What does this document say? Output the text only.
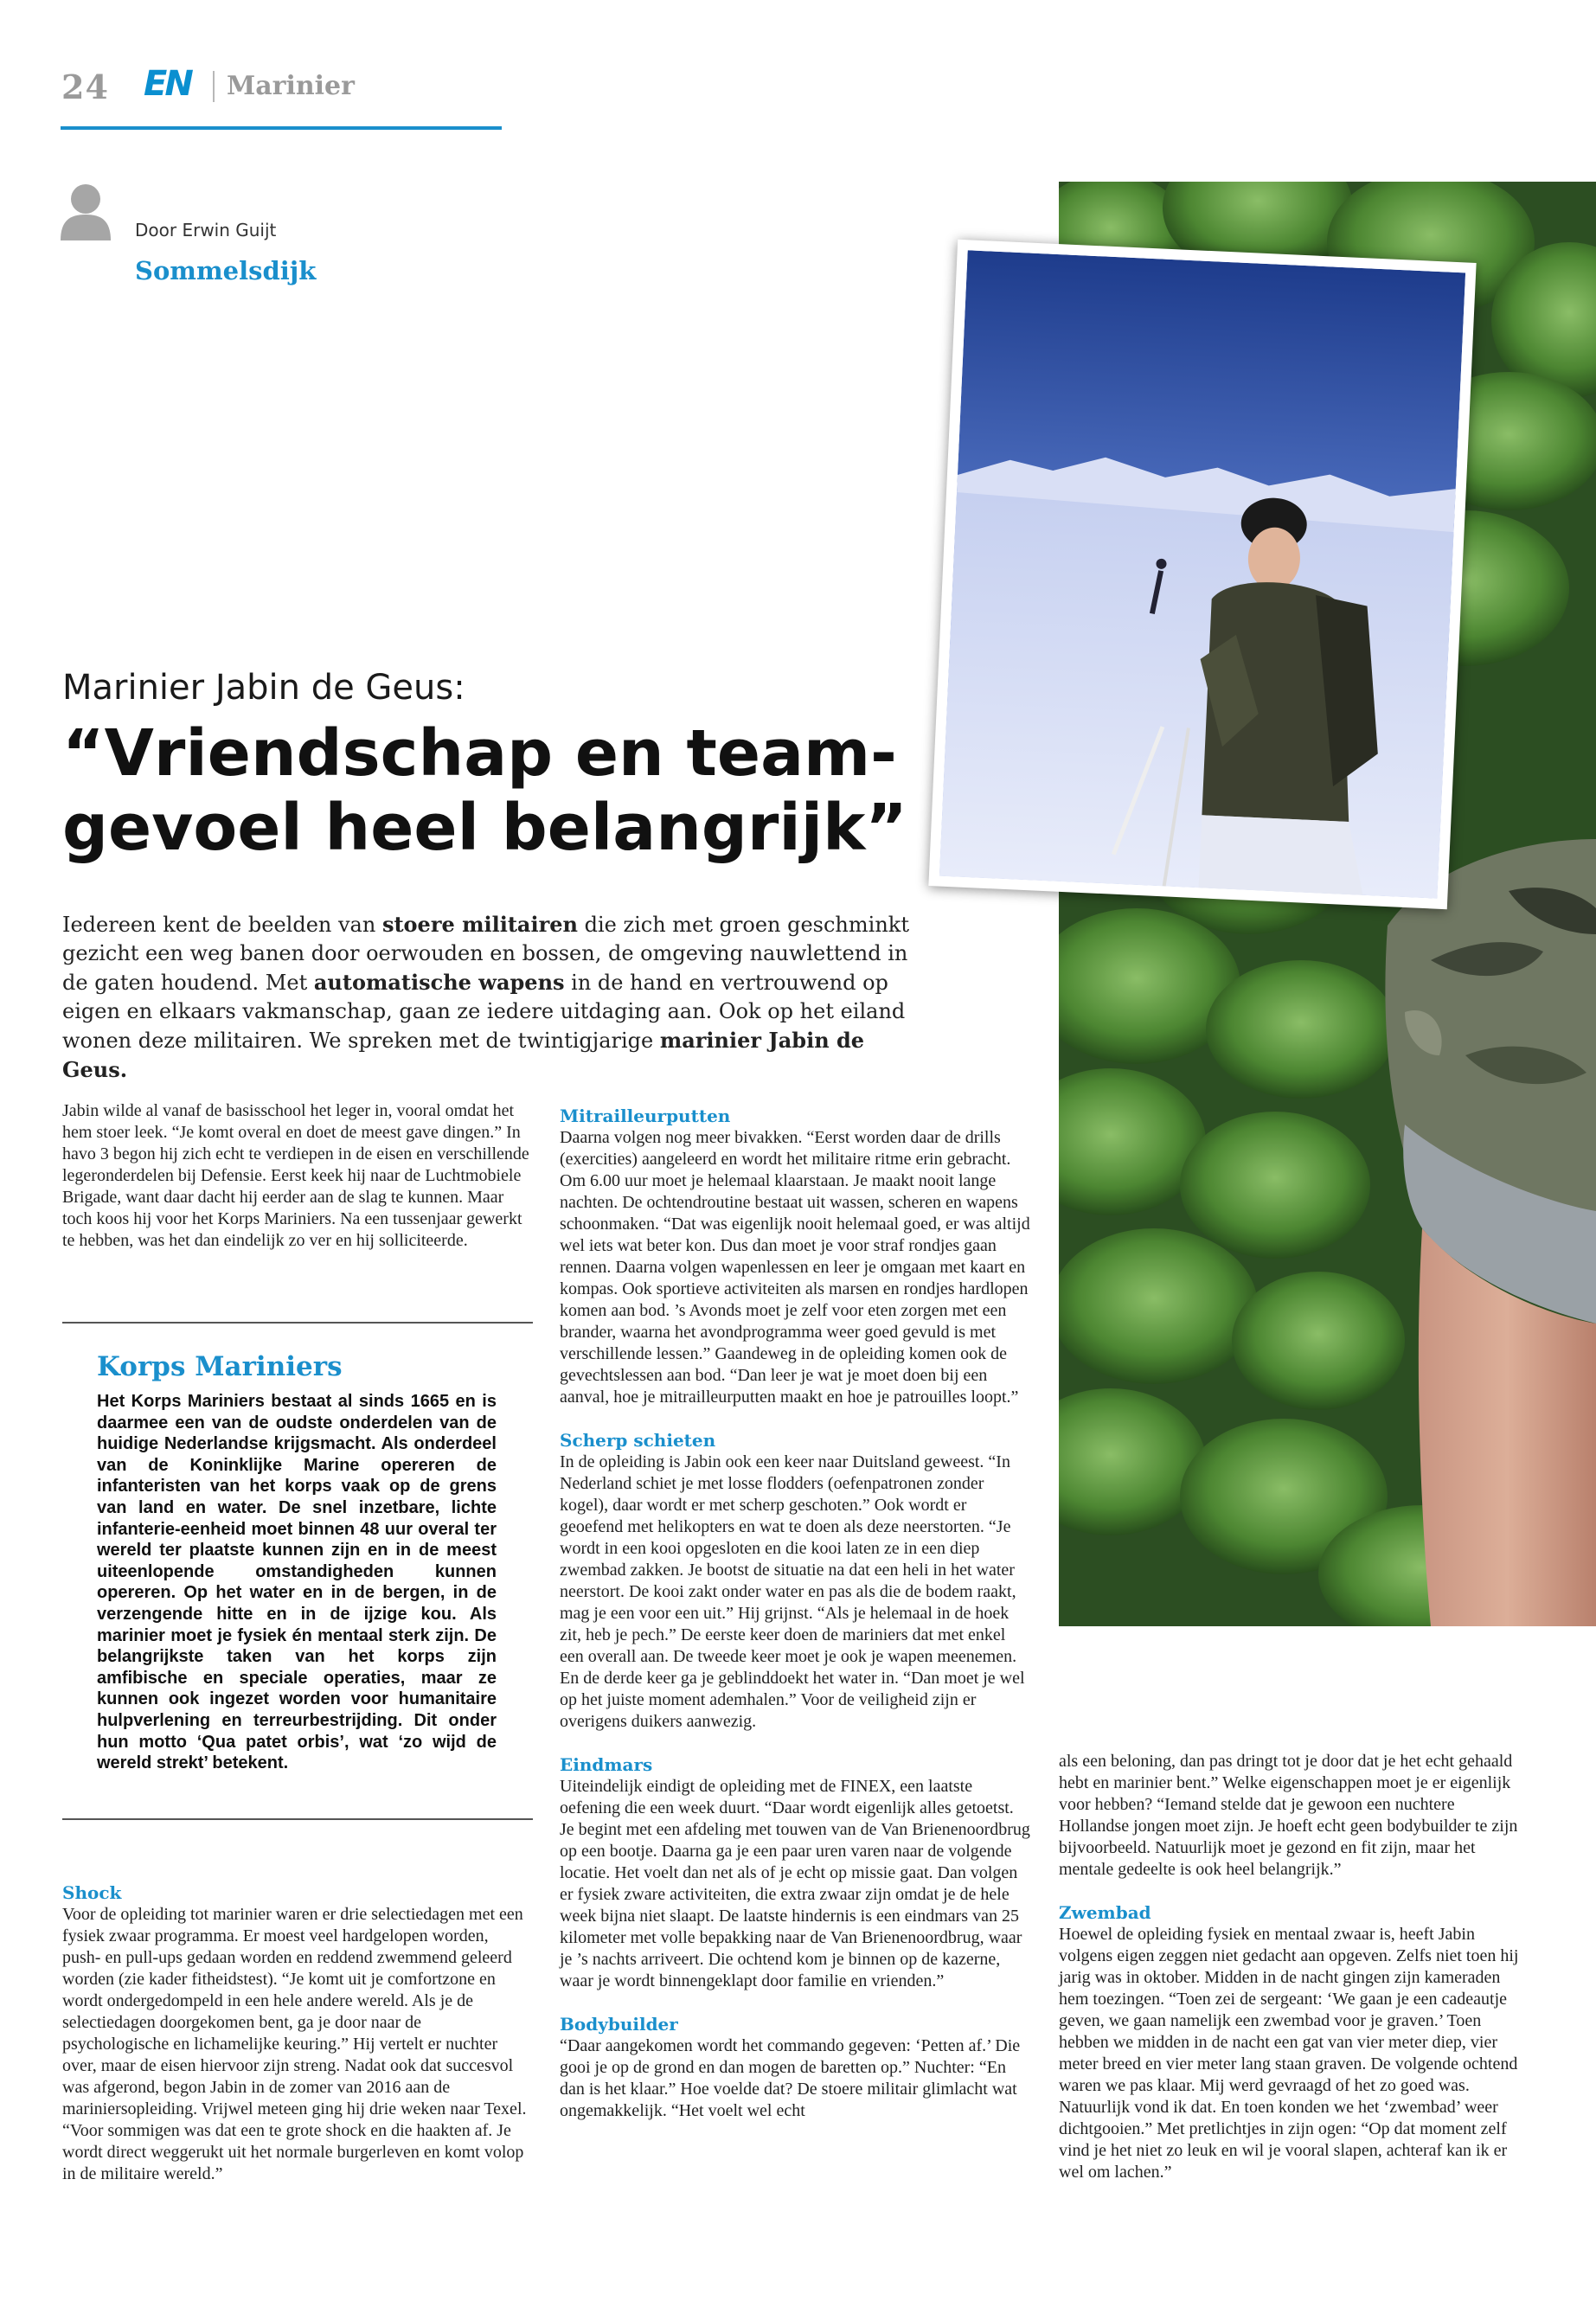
24 EN Marinier
Door Erwin Guijt
Sommelsdijk
Marinier Jabin de Geus:
“Vriendschap en team-
gevoel heel belangrijk”
Iedereen kent de beelden van stoere militairen die zich met groen geschminkt gezicht een weg banen door oerwouden en bossen, de omgeving nauwlettend in de gaten houdend. Met automatische wapens in de hand en vertrouwend op eigen en elkaars vakmanschap, gaan ze iedere uitdaging aan. Ook op het eiland wonen deze militairen. We spreken met de twintigjarige marinier Jabin de Geus.

Jabin wilde al vanaf de basisschool het leger in, vooral omdat het hem stoer leek. “Je komt overal en doet de meest gave dingen.” In havo 3 begon hij zich echt te verdiepen in de eisen en verschillende legeronderdelen bij Defensie. Eerst keek hij naar de Luchtmobiele Brigade, want daar dacht hij eerder aan de slag te kunnen. Maar toch koos hij voor het Korps Mariniers. Na een tussenjaar gewerkt te hebben, was het dan eindelijk zo ver en hij solliciteerde.

Korps Mariniers
Het Korps Mariniers bestaat al sinds 1665 en is daarmee een van de oudste onderdelen van de huidige Nederlandse krijgsmacht. Als onderdeel van de Koninklijke Marine opereren de infanteristen van het korps vaak op de grens van land en water. De snel inzetbare, lichte infanterie-eenheid moet binnen 48 uur overal ter wereld ter plaatste kunnen zijn en in de meest uiteenlopende omstandigheden kunnen opereren. Op het water en in de bergen, in de verzengende hitte en in de ijzige kou. Als marinier moet je fysiek én mentaal sterk zijn. De belangrijkste taken van het korps zijn amfibische en speciale operaties, maar ze kunnen ook ingezet worden voor humanitaire hulpverlening en terreurbestrijding. Dit onder hun motto ‘Qua patet orbis’, wat ‘zo wijd de wereld strekt’ betekent.
Shock

Voor de opleiding tot marinier waren er drie selectiedagen met een fysiek zwaar programma. Er moest veel hardgelopen worden, push- en pull-ups gedaan worden en reddend zwemmend geleerd worden (zie kader fitheidstest). “Je komt uit je comfortzone en wordt ondergedompeld in een hele andere wereld. Als je de selectiedagen doorgekomen bent, ga je door naar de psychologische en lichamelijke keuring.” Hij vertelt er nuchter over, maar de eisen hiervoor zijn streng. Nadat ook dat succesvol was afgerond, begon Jabin in de zomer van 2016 aan de mariniersopleiding. Vrijwel meteen ging hij drie weken naar Texel. “Voor sommigen was dat een te grote shock en die haakten af. Je wordt direct weggerukt uit het normale burgerleven en komt volop in de militaire wereld.”

Mitrailleurputten

Daarna volgen nog meer bivakken. “Eerst worden daar de drills (exercities) aangeleerd en wordt het militaire ritme erin gebracht. Om 6.00 uur moet je helemaal klaarstaan. Je maakt nooit lange nachten. De ochtendroutine bestaat uit wassen, scheren en wapens schoonmaken. “Dat was eigenlijk nooit helemaal goed, er was altijd wel iets wat beter kon. Dus dan moet je voor straf rondjes gaan rennen. Daarna volgen wapenlessen en leer je omgaan met kaart en kompas. Ook sportieve activiteiten als marsen en rondjes hardlopen komen aan bod. ’s Avonds moet je zelf voor eten zorgen met een brander, waarna het avondprogramma weer goed gevuld is met verschillende lessen.” Gaandeweg in de opleiding komen ook de gevechtslessen aan bod. “Dan leer je wat je moet doen bij een aanval, hoe je mitrailleurputten maakt en hoe je patrouilles loopt.”

Scherp schieten

In de opleiding is Jabin ook een keer naar Duitsland geweest. “In Nederland schiet je met losse flodders (oefenpatronen zonder kogel), daar wordt er met scherp geschoten.” Ook wordt er geoefend met helikopters en wat te doen als deze neerstorten. “Je wordt in een kooi opgesloten en die kooi laten ze in een diep zwembad zakken. Je bootst de situatie na dat een heli in het water neerstort. De kooi zakt onder water en pas als die de bodem raakt, mag je een voor een uit.” Hij grijnst. “Als je helemaal in de hoek zit, heb je pech.” De eerste keer doen de mariniers dat met enkel een overall aan. De tweede keer moet je ook je wapen meenemen. En de derde keer ga je geblinddoekt het water in. “Dan moet je wel op het juiste moment ademhalen.” Voor de veiligheid zijn er overigens duikers aanwezig.

Eindmars

Uiteindelijk eindigt de opleiding met de FINEX, een laatste oefening die een week duurt. “Daar wordt eigenlijk alles getoetst. Je begint met een afdeling met touwen van de Van Brienenoordbrug op een bootje. Daarna ga je een paar uren varen naar de volgende locatie. Het voelt dan net als of je echt op missie gaat. Dan volgen er fysiek zware activiteiten, die extra zwaar zijn omdat je de hele week bijna niet slaapt. De laatste hindernis is een eindmars van 25 kilometer met volle bepakking naar de Van Brienenoordbrug, waar je ’s nachts arriveert. Die ochtend kom je binnen op de kazerne, waar je wordt binnengeklapt door familie en vrienden.”

Bodybuilder

“Daar aangekomen wordt het commando gegeven: ‘Petten af.’ Die gooi je op de grond en dan mogen de baretten op.” Nuchter: “En dan is het klaar.” Hoe voelde dat? De stoere militair glimlacht wat ongemakkelijk. “Het voelt wel echt

als een beloning, dan pas dringt tot je door dat je het echt gehaald hebt en marinier bent.” Welke eigenschappen moet je er eigenlijk voor hebben? “Iemand stelde dat je gewoon een nuchtere Hollandse jongen moet zijn. Je hoeft echt geen bodybuilder te zijn bijvoorbeeld. Natuurlijk moet je gezond en fit zijn, maar het mentale gedeelte is ook heel belangrijk.”

Zwembad

Hoewel de opleiding fysiek en mentaal zwaar is, heeft Jabin volgens eigen zeggen niet gedacht aan opgeven. Zelfs niet toen hij jarig was in oktober. Midden in de nacht gingen zijn kameraden hem toezingen. “Toen zei de sergeant: ‘We gaan je een cadeautje geven, we gaan namelijk een zwembad voor je graven.’ Toen hebben we midden in de nacht een gat van vier meter diep, vier meter breed en vier meter lang staan graven. De volgende ochtend waren we pas klaar. Mij werd gevraagd of het zo goed was. Natuurlijk vond ik dat. En toen konden we het ‘zwembad’ weer dichtgooien.” Met pretlichtjes in zijn ogen: “Op dat moment zelf vind je het niet zo leuk en wil je vooral slapen, achteraf kan ik er wel om lachen.”
